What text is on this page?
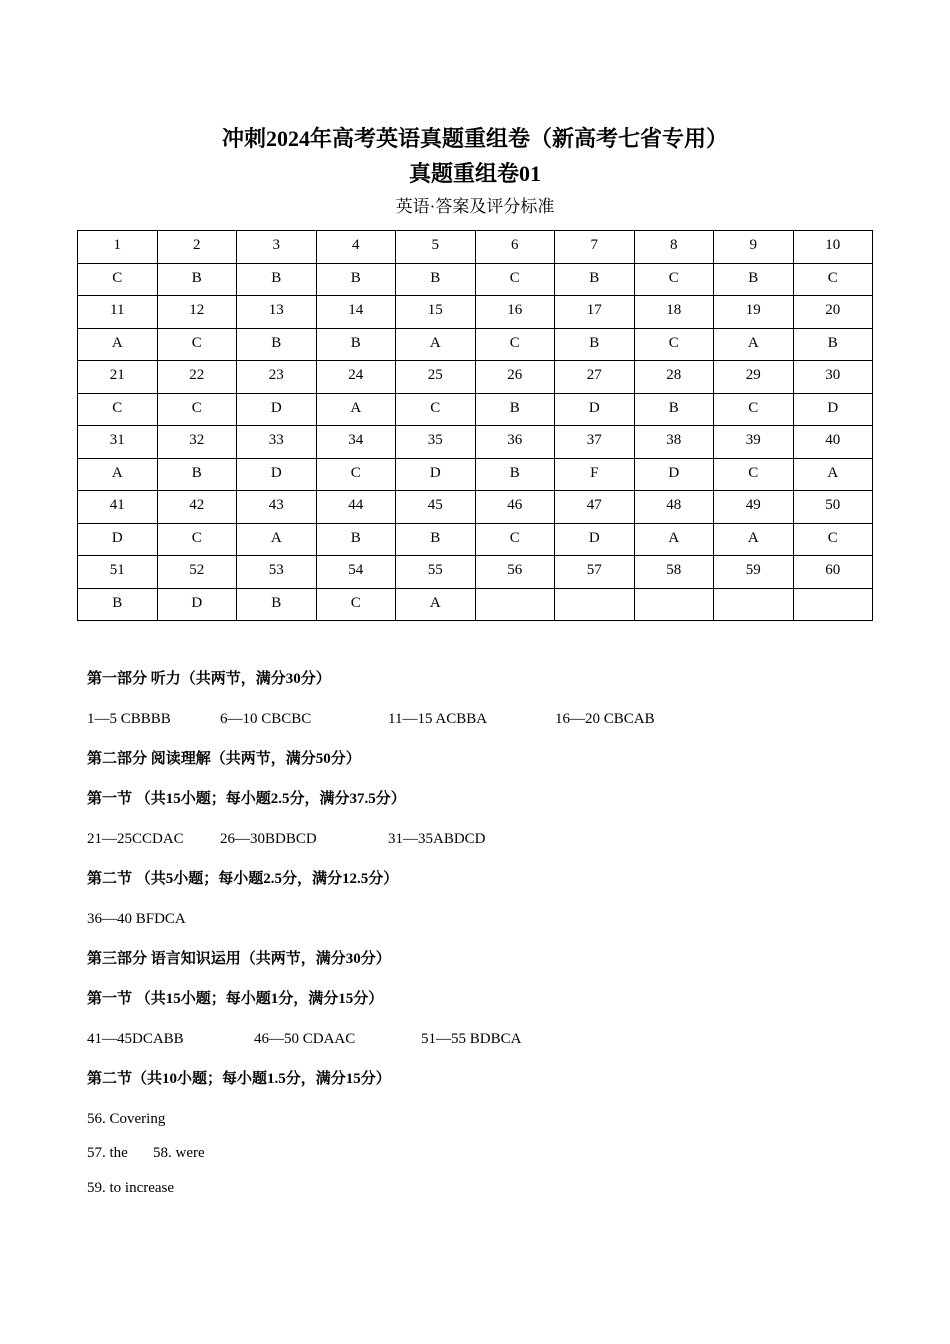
冲刺2024年高考英语真题重组卷（新高考七省专用）
真题重组卷01
英语·答案及评分标准
1	2	3	4	5	6	7	8	9	10
C	B	B	B	B	C	B	C	B	C
11	12	13	14	15	16	17	18	19	20
A	C	B	B	A	C	B	C	A	B
21	22	23	24	25	26	27	28	29	30
C	C	D	A	C	B	D	B	C	D
31	32	33	34	35	36	37	38	39	40
A	B	D	C	D	B	F	D	C	A
41	42	43	44	45	46	47	48	49	50
D	C	A	B	B	C	D	A	A	C
51	52	53	54	55	56	57	58	59	60
B	D	B	C	A					
第一部分 听力（共两节，满分30分）
1—5 CBBBB	6—10 CBCBC	11—15 ACBBA	16—20 CBCAB
第二部分 阅读理解（共两节，满分50分）
第一节 （共15小题；每小题2.5分，满分37.5分）
21—25CCDAC 26—30BDBCD	31—35ABDCD
第二节 （共5小题；每小题2.5分，满分12.5分）
36—40 BFDCA
第三部分 语言知识运用（共两节，满分30分）
第一节 （共15小题；每小题1分，满分15分）
41—45DCABB	46—50 CDAAC	51—55 BDBCA
第二节（共10小题；每小题1.5分，满分15分）
56. Covering
57. the 58. were
59. to increase
